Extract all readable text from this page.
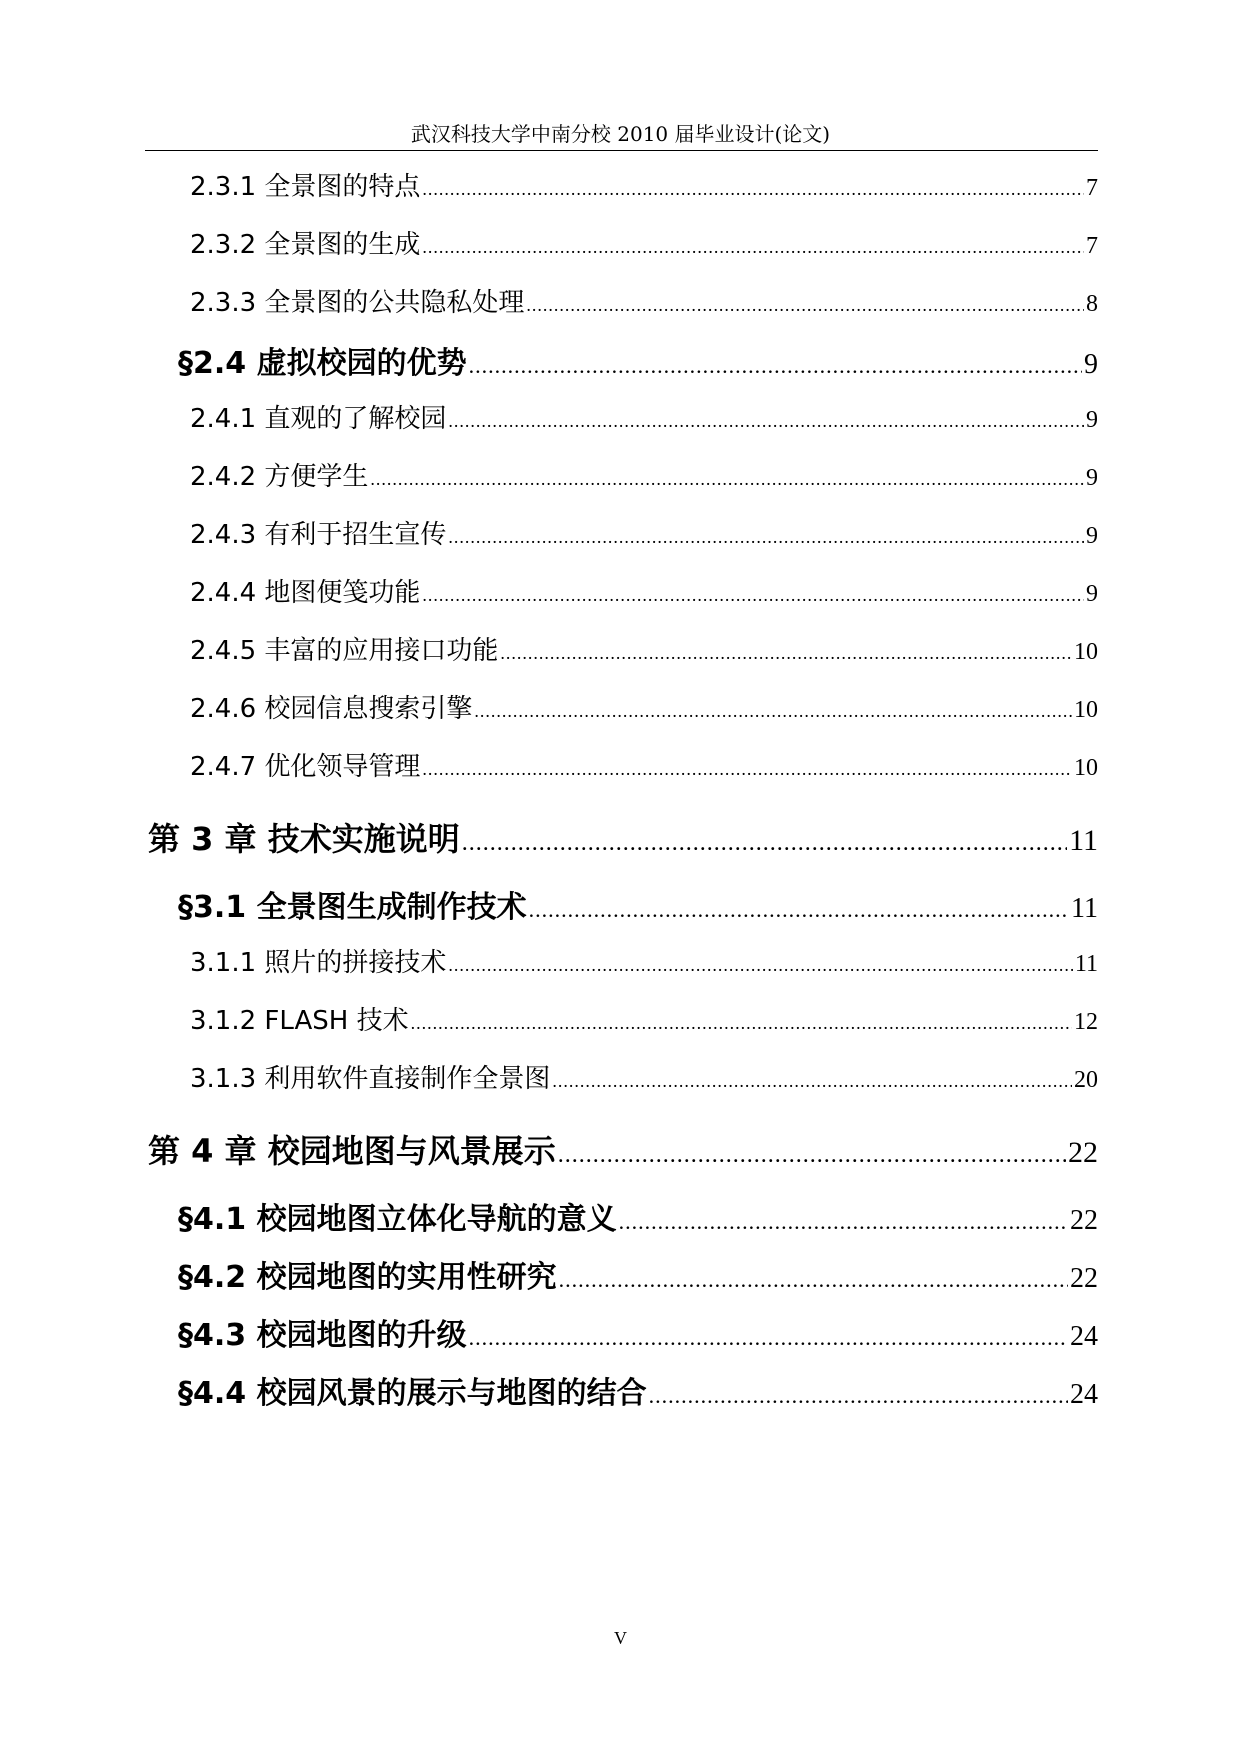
武汉科技大学中南分校 2010 届毕业设计(论文)
2.3.1 全景图的特点 .....	7
2.3.2 全景图的生成 .....	7
2.3.3 全景图的公共隐私处理 .....	8
§2.4 虚拟校园的优势 .....	9
2.4.1 直观的了解校园 .....	9
2.4.2 方便学生 .....	9
2.4.3 有利于招生宣传 .....	9
2.4.4 地图便笺功能 .....	9
2.4.5 丰富的应用接口功能 .....	10
2.4.6 校园信息搜索引擎 .....	10
2.4.7 优化领导管理 .....	10
第 3 章 技术实施说明 .....	11
§3.1 全景图生成制作技术 .....	11
3.1.1 照片的拼接技术 .....	11
3.1.2 FLASH 技术 .....	12
3.1.3 利用软件直接制作全景图 .....	20
第 4 章 校园地图与风景展示 .....	22
§4.1 校园地图立体化导航的意义 .....	22
§4.2 校园地图的实用性研究 .....	22
§4.3 校园地图的升级 .....	24
§4.4 校园风景的展示与地图的结合 .....	24
V
